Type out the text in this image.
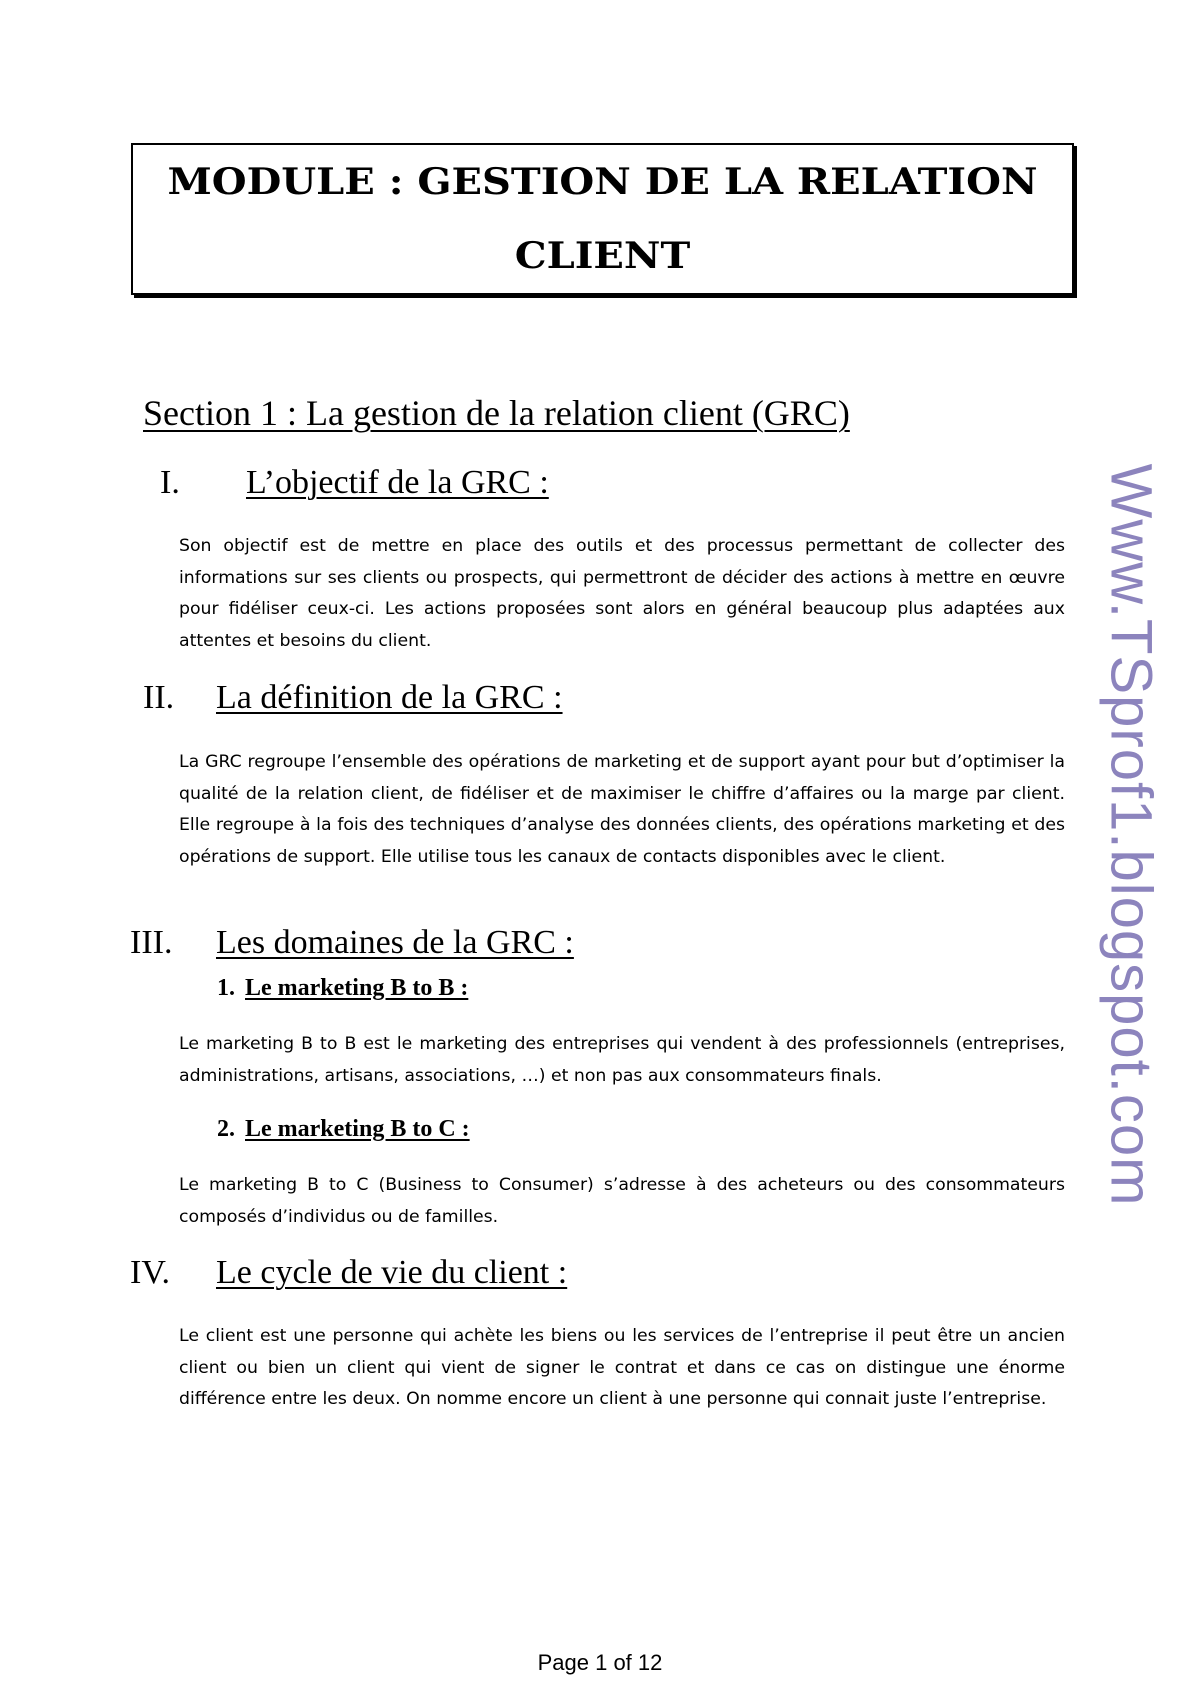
MODULE : GESTION DE LA RELATION
CLIENT
Section 1 : La gestion de la relation client (GRC)
I. L’objectif de la GRC :

Son objectif est de mettre en place des outils et des processus permettant de collecter des informations sur ses clients ou prospects, qui permettront de décider des actions à mettre en œuvre pour fidéliser ceux-ci. Les actions proposées sont alors en général beaucoup plus adaptées aux attentes et besoins du client.

II. La définition de la GRC :

La GRC regroupe l’ensemble des opérations de marketing et de support ayant pour but d’optimiser la qualité de la relation client, de fidéliser et de maximiser le chiffre d’affaires ou la marge par client. Elle regroupe à la fois des techniques d’analyse des données clients, des opérations marketing et des opérations de support. Elle utilise tous les canaux de contacts disponibles avec le client.

III. Les domaines de la GRC :
1. Le marketing B to B :

Le marketing B to B est le marketing des entreprises qui vendent à des professionnels (entreprises, administrations, artisans, associations, …) et non pas aux consommateurs finals.

2. Le marketing B to C :

Le marketing B to C (Business to Consumer) s’adresse à des acheteurs ou des consommateurs composés d’individus ou de familles.

IV. Le cycle de vie du client :

Le client est une personne qui achète les biens ou les services de l’entreprise il peut être un ancien client ou bien un client qui vient de signer le contrat et dans ce cas on distingue une énorme différence entre les deux. On nomme encore un client à une personne qui connait juste l’entreprise.

Www.TSprof1.blogspot.com
Page 1 of 12
